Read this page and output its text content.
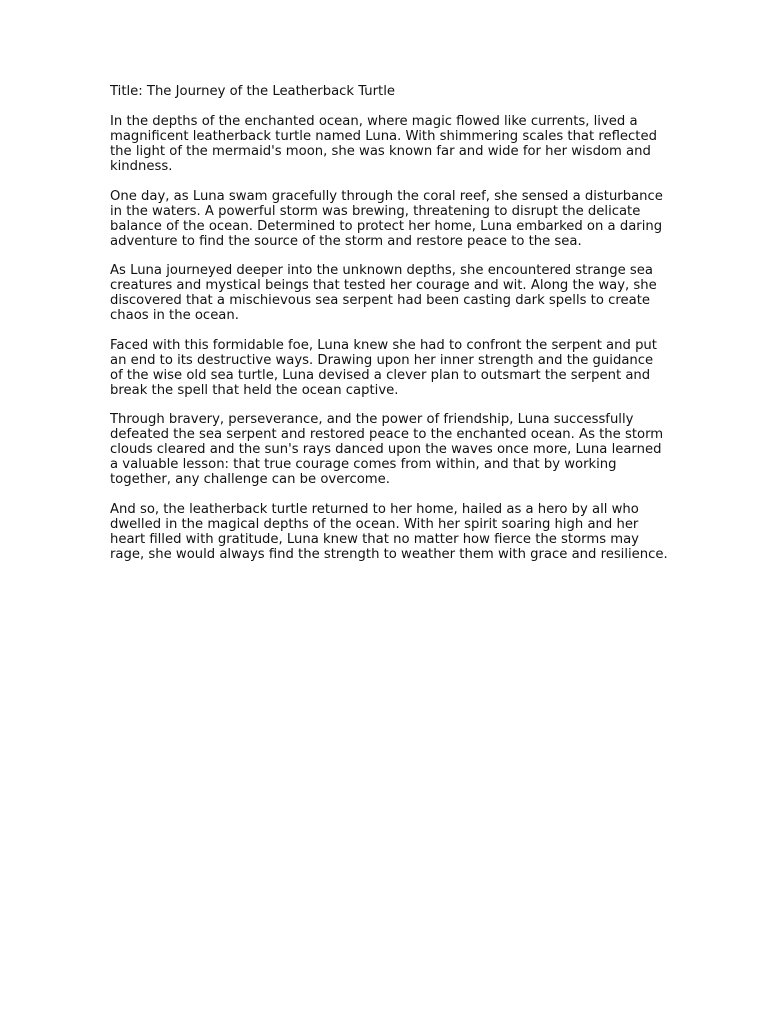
Title: The Journey of the Leatherback Turtle

In the depths of the enchanted ocean, where magic flowed like currents, lived a magnificent leatherback turtle named Luna. With shimmering scales that reflected the light of the mermaid's moon, she was known far and wide for her wisdom and kindness.

One day, as Luna swam gracefully through the coral reef, she sensed a disturbance in the waters. A powerful storm was brewing, threatening to disrupt the delicate balance of the ocean. Determined to protect her home, Luna embarked on a daring adventure to find the source of the storm and restore peace to the sea.

As Luna journeyed deeper into the unknown depths, she encountered strange sea creatures and mystical beings that tested her courage and wit. Along the way, she discovered that a mischievous sea serpent had been casting dark spells to create chaos in the ocean.

Faced with this formidable foe, Luna knew she had to confront the serpent and put an end to its destructive ways. Drawing upon her inner strength and the guidance of the wise old sea turtle, Luna devised a clever plan to outsmart the serpent and break the spell that held the ocean captive.

Through bravery, perseverance, and the power of friendship, Luna successfully defeated the sea serpent and restored peace to the enchanted ocean. As the storm clouds cleared and the sun's rays danced upon the waves once more, Luna learned a valuable lesson: that true courage comes from within, and that by working together, any challenge can be overcome.

And so, the leatherback turtle returned to her home, hailed as a hero by all who dwelled in the magical depths of the ocean. With her spirit soaring high and her heart filled with gratitude, Luna knew that no matter how fierce the storms may rage, she would always find the strength to weather them with grace and resilience.
